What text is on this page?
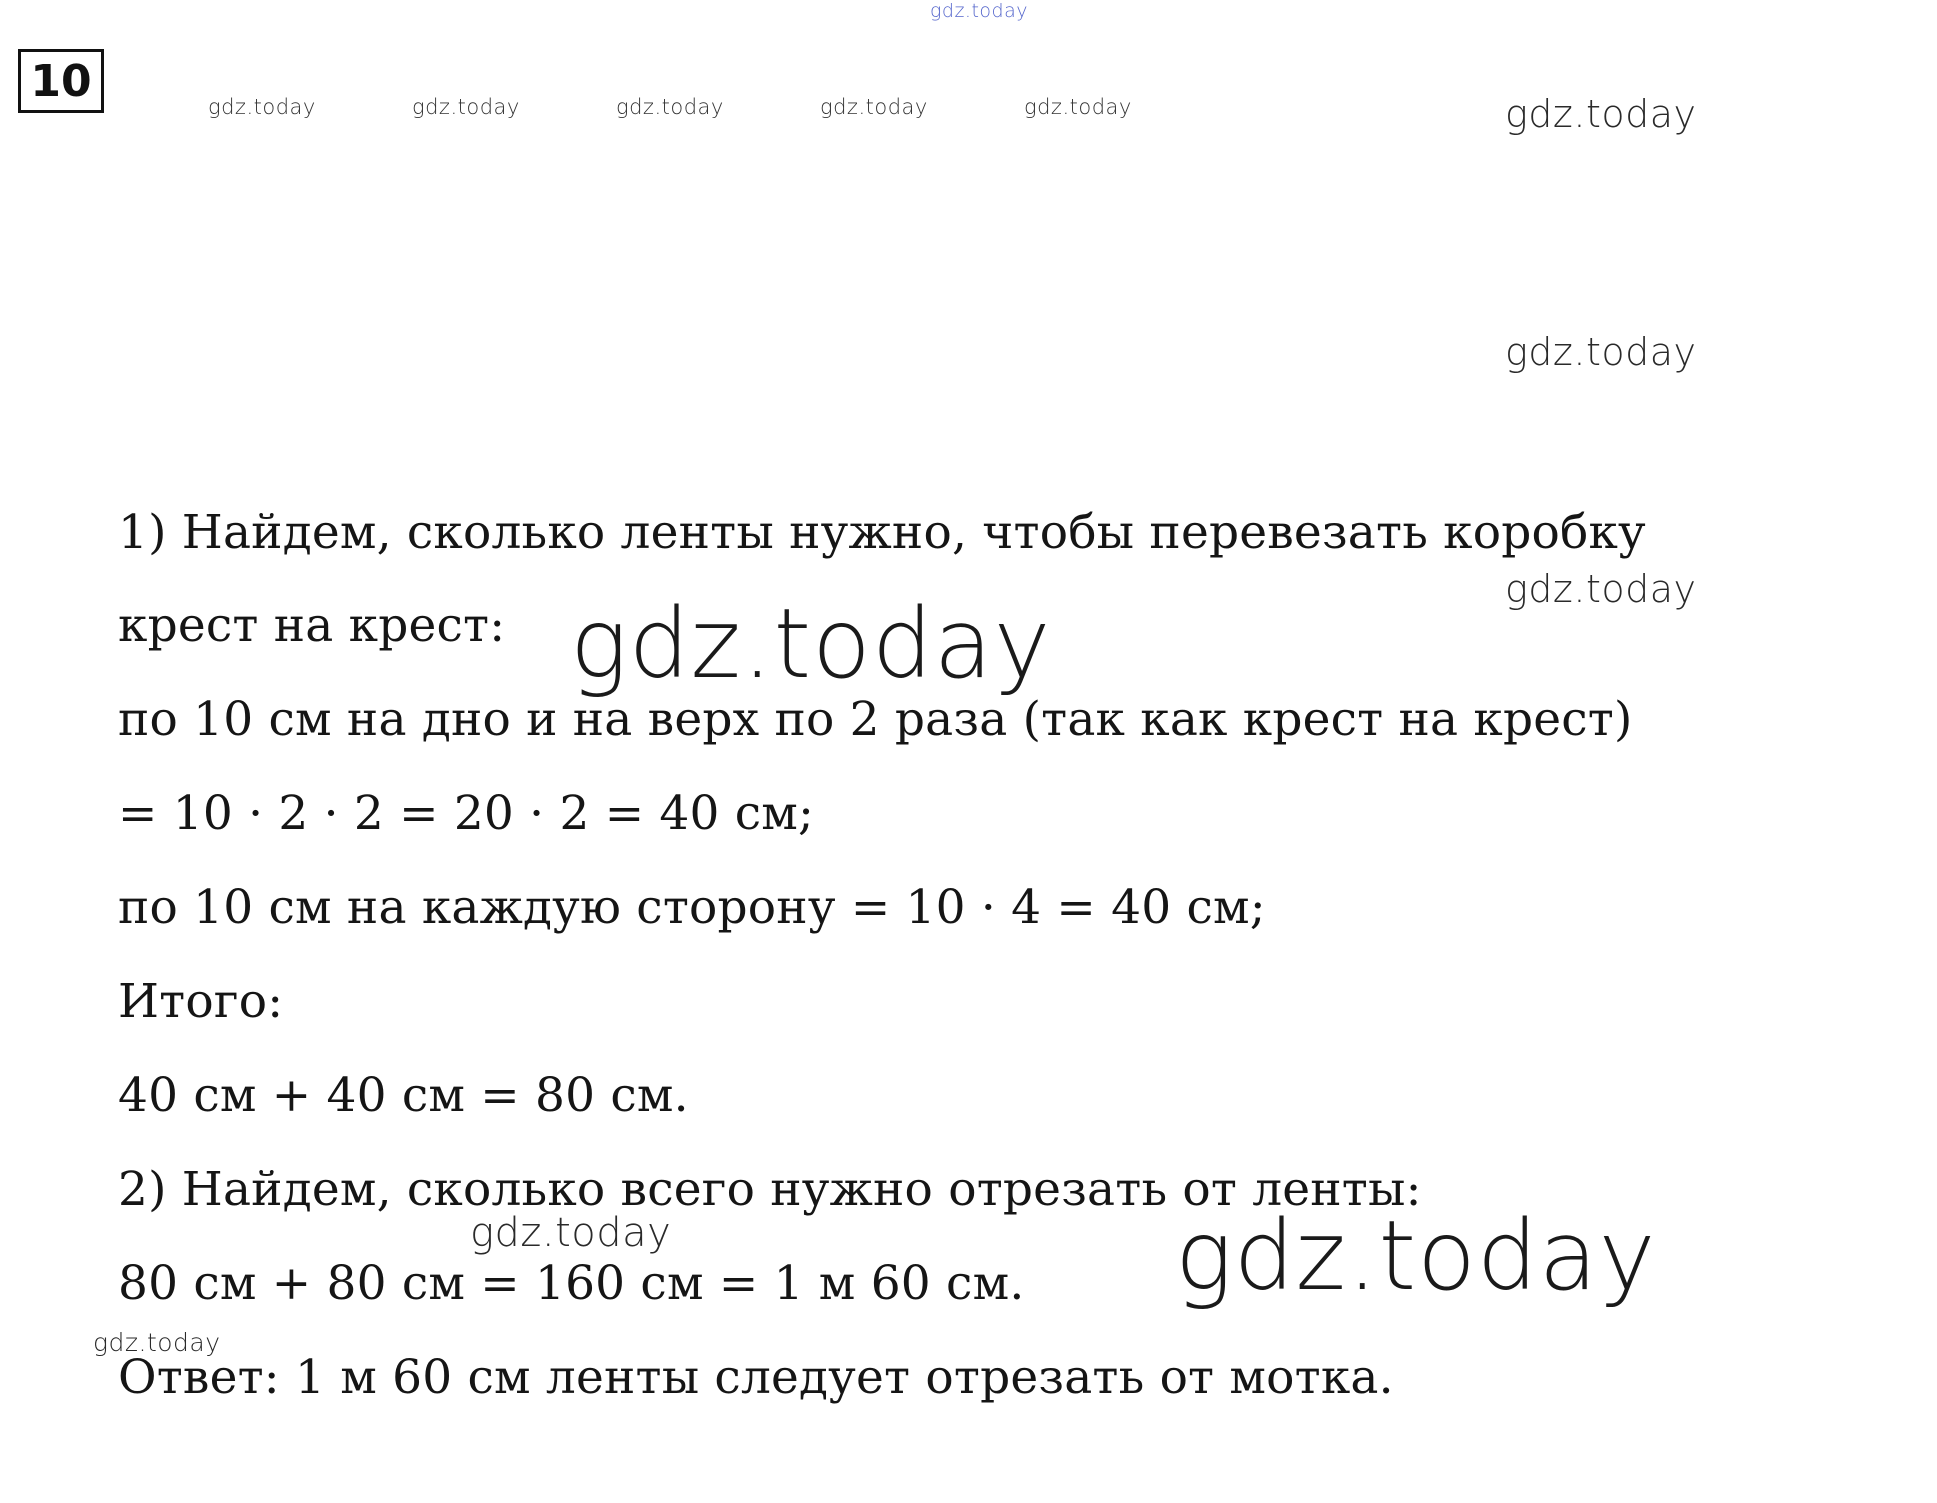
gdz.today
gdz.today	gdz.today	gdz.today	gdz.today	gdz.today	gdz.today
gdz.today
gdz.today
10
1) Найдем, сколько ленты нужно, чтобы перевезать коробку
крест на крест:
по 10 см на дно и на верх по 2 раза (так как крест на крест)
= 10 · 2 · 2 = 20 · 2 = 40 см;
по 10 см на каждую сторону = 10 · 4 = 40 см;
Итого:
40 см + 40 см = 80 см.
2) Найдем, сколько всего нужно отрезать от ленты:
80 см + 80 см = 160 см = 1 м 60 см.
Ответ: 1 м 60 см ленты следует отрезать от мотка.
gdz.today
gdz.today	gdz.today
gdz.today
